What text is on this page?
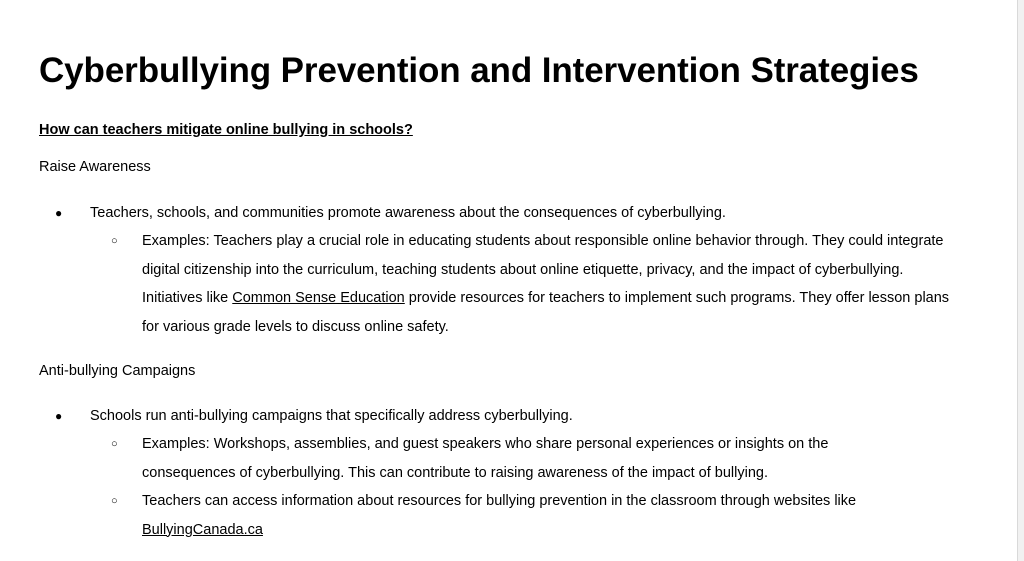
Cyberbullying Prevention and Intervention Strategies

How can teachers mitigate online bullying in schools?

Raise Awareness

● Teachers, schools, and communities promote awareness about the consequences of cyberbullying.
○ Examples: Teachers play a crucial role in educating students about responsible online behavior through. They could integrate digital citizenship into the curriculum, teaching students about online etiquette, privacy, and the impact of cyberbullying. Initiatives like Common Sense Education provide resources for teachers to implement such programs. They offer lesson plans for various grade levels to discuss online safety.

Anti-bullying Campaigns

● Schools run anti-bullying campaigns that specifically address cyberbullying.
○ Examples: Workshops, assemblies, and guest speakers who share personal experiences or insights on the consequences of cyberbullying. This can contribute to raising awareness of the impact of bullying.
○ Teachers can access information about resources for bullying prevention in the classroom through websites like BullyingCanada.ca
